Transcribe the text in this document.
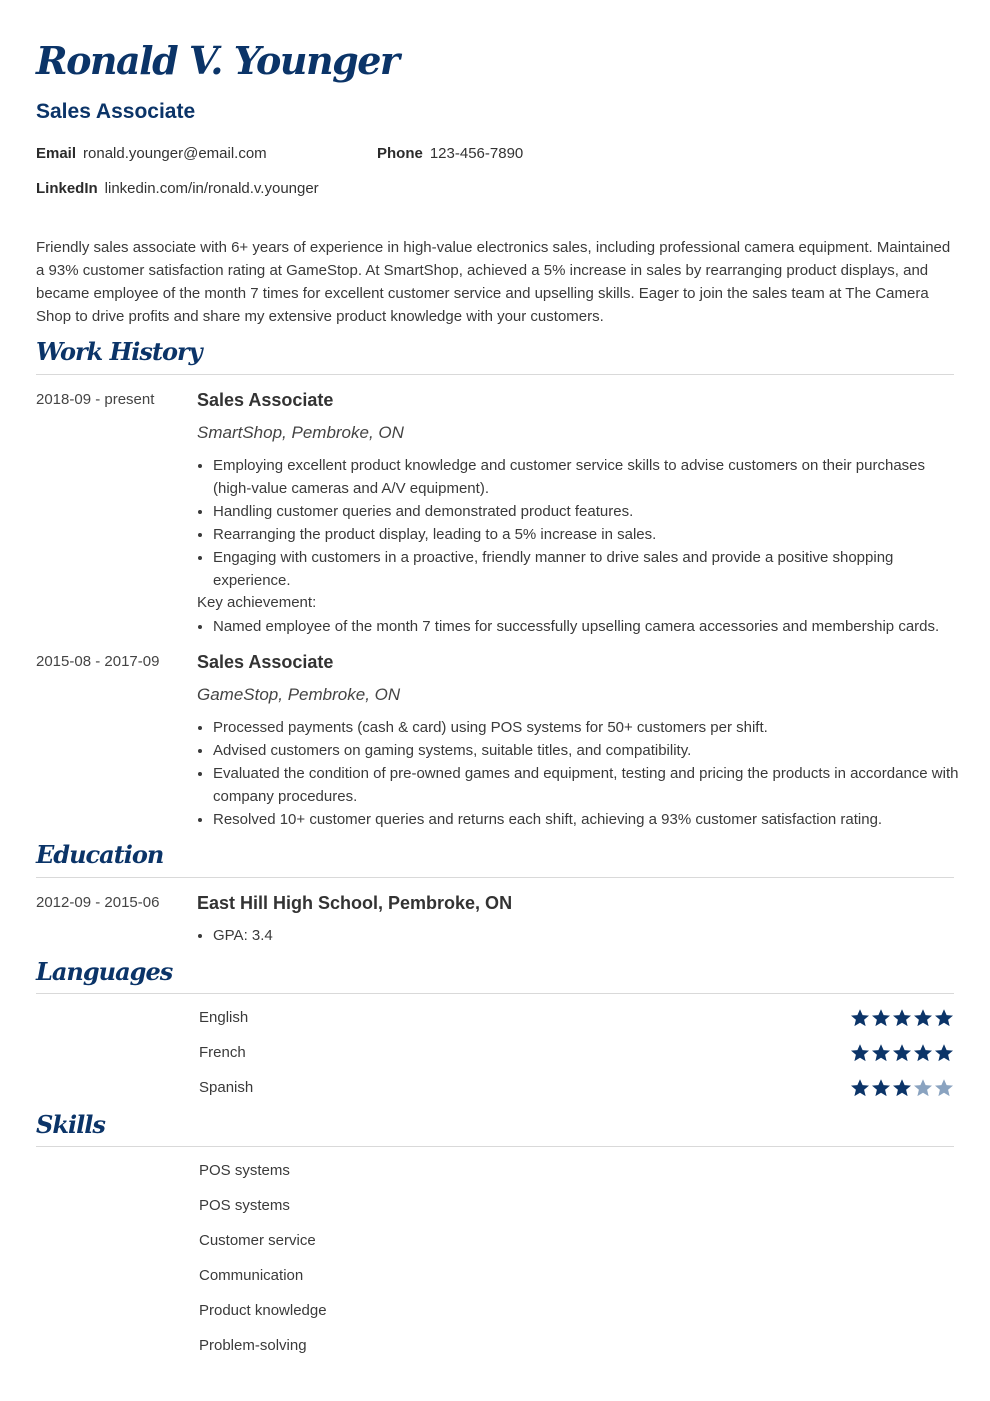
Ronald V. Younger
Sales Associate
Email ronald.younger@email.com	Phone 123-456-7890
LinkedIn linkedin.com/in/ronald.v.younger

Friendly sales associate with 6+ years of experience in high-value electronics sales, including professional camera equipment. Maintained a 93% customer satisfaction rating at GameStop. At SmartShop, achieved a 5% increase in sales by rearranging product displays, and became employee of the month 7 times for excellent customer service and upselling skills. Eager to join the sales team at The Camera Shop to drive profits and share my extensive product knowledge with your customers.

Work History
2018-09 - present Sales Associate
SmartShop, Pembroke, ON
• Employing excellent product knowledge and customer service skills to advise customers on their purchases (high-value cameras and A/V equipment).
• Handling customer queries and demonstrated product features.
• Rearranging the product display, leading to a 5% increase in sales.
• Engaging with customers in a proactive, friendly manner to drive sales and provide a positive shopping experience.
Key achievement:
• Named employee of the month 7 times for successfully upselling camera accessories and membership cards.
2015-08 - 2017-09 Sales Associate
GameStop, Pembroke, ON
• Processed payments (cash & card) using POS systems for 50+ customers per shift.
• Advised customers on gaming systems, suitable titles, and compatibility.
• Evaluated the condition of pre-owned games and equipment, testing and pricing the products in accordance with company procedures.
• Resolved 10+ customer queries and returns each shift, achieving a 93% customer satisfaction rating.
Education
2012-09 - 2015-06 East Hill High School, Pembroke, ON
• GPA: 3.4
Languages
English
French
Spanish
Skills
POS systems
POS systems
Customer service
Communication
Product knowledge
Problem-solving
